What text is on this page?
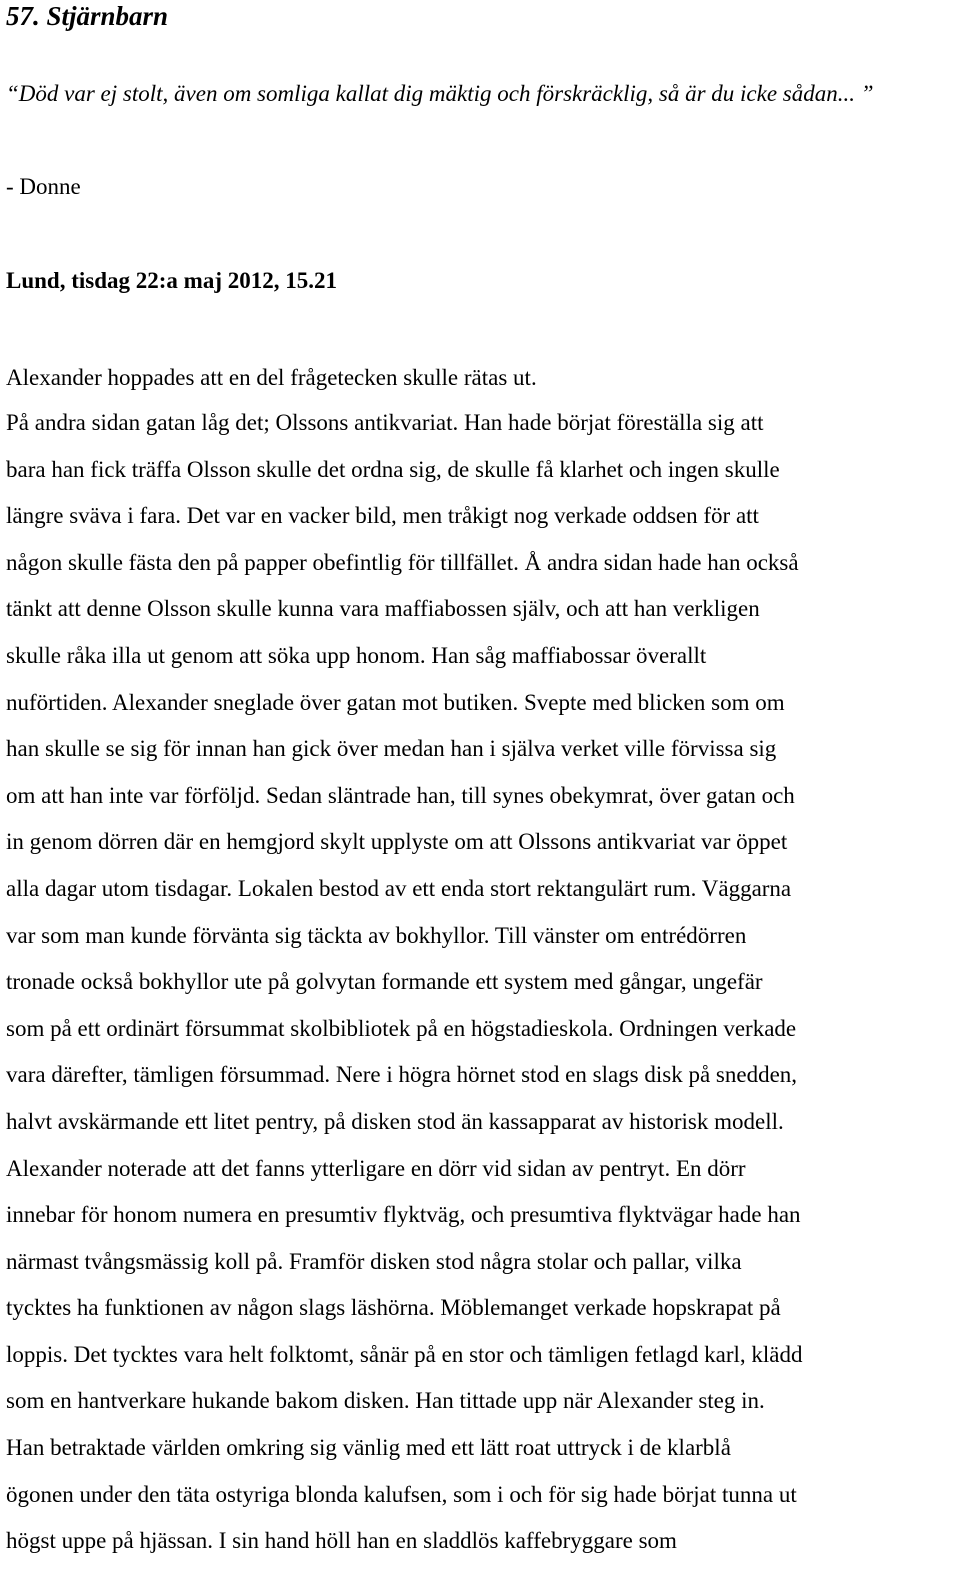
57. Stjärnbarn

“Död var ej stolt, även om somliga kallat dig mäktig och förskräcklig, så är du icke sådan... ”

- Donne

Lund, tisdag 22:a maj 2012, 15.21

Alexander hoppades att en del frågetecken skulle rätas ut.

På andra sidan gatan låg det; Olssons antikvariat. Han hade börjat föreställa sig att
bara han fick träffa Olsson skulle det ordna sig, de skulle få klarhet och ingen skulle
längre sväva i fara. Det var en vacker bild, men tråkigt nog verkade oddsen för att
någon skulle fästa den på papper obefintlig för tillfället. Å andra sidan hade han också
tänkt att denne Olsson skulle kunna vara maffiabossen själv, och att han verkligen
skulle råka illa ut genom att söka upp honom. Han såg maffiabossar överallt
nuförtiden. Alexander sneglade över gatan mot butiken. Svepte med blicken som om
han skulle se sig för innan han gick över medan han i själva verket ville förvissa sig
om att han inte var förföljd. Sedan släntrade han, till synes obekymrat, över gatan och
in genom dörren där en hemgjord skylt upplyste om att Olssons antikvariat var öppet
alla dagar utom tisdagar. Lokalen bestod av ett enda stort rektangulärt rum. Väggarna
var som man kunde förvänta sig täckta av bokhyllor. Till vänster om entrédörren
tronade också bokhyllor ute på golvytan formande ett system med gångar, ungefär
som på ett ordinärt försummat skolbibliotek på en högstadieskola. Ordningen verkade
vara därefter, tämligen försummad. Nere i högra hörnet stod en slags disk på snedden,
halvt avskärmande ett litet pentry, på disken stod än kassapparat av historisk modell.
Alexander noterade att det fanns ytterligare en dörr vid sidan av pentryt. En dörr
innebar för honom numera en presumtiv flyktväg, och presumtiva flyktvägar hade han
närmast tvångsmässig koll på. Framför disken stod några stolar och pallar, vilka
tycktes ha funktionen av någon slags läshörna. Möblemanget verkade hopskrapat på
loppis. Det tycktes vara helt folktomt, sånär på en stor och tämligen fetlagd karl, klädd
som en hantverkare hukande bakom disken. Han tittade upp när Alexander steg in.
Han betraktade världen omkring sig vänlig med ett lätt roat uttryck i de klarblå
ögonen under den täta ostyriga blonda kalufsen, som i och för sig hade börjat tunna ut
högst uppe på hjässan. I sin hand höll han en sladdlös kaffebryggare som
